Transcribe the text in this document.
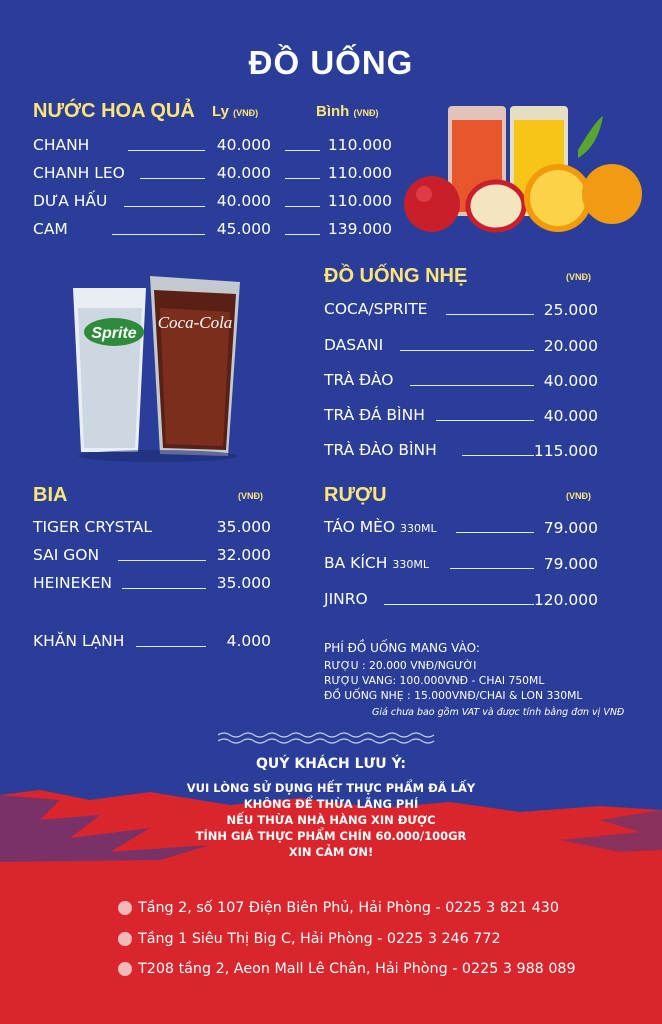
ĐỒ UỐNG
NƯỚC HOA QUẢ Ly (VNĐ)	Bình (VNĐ)
CHANH	40.000	110.000
CHANH LEO	40.000	110.000
DƯA HẤU	40.000	110.000
CAM	45.000	139.000
Sprite
Coca-Cola
ĐỒ UỐNG NHẸ	(VNĐ)
COCA/SPRITE	25.000
DASANI	20.000
TRÀ ĐÀO	40.000
TRÀ ĐÁ BÌNH	40.000
TRÀ ĐÀO BÌNH	115.000
BIA	(VNĐ)
TIGER CRYSTAL	35.000
SAI GON	32.000
HEINEKEN	35.000
KHĂN LẠNH	4.000
RƯỢU	(VNĐ)
TÁO MÈO 330ML	79.000
BA KÍCH 330ML	79.000
JINRO	120.000
PHÍ ĐỒ UỐNG MANG VÀO:
RƯỢU : 20.000 VNĐ/NGƯỜI
RƯỢU VANG: 100.000VNĐ - CHAI 750ML
ĐỒ UỐNG NHẸ : 15.000VNĐ/CHAI & LON 330ML
Giá chưa bao gồm VAT và được tính bằng đơn vị VNĐ
QUÝ KHÁCH LƯU Ý:
VUI LÒNG SỬ DỤNG HẾT THỰC PHẨM ĐÃ LẤY
KHÔNG ĐỂ THỪA LÃNG PHÍ
NẾU THỪA NHÀ HÀNG XIN ĐƯỢC
TÍNH GIÁ THỰC PHẨM CHÍN 60.000/100GR
XIN CẢM ƠN!
Tầng 2, số 107 Điện Biên Phủ, Hải Phòng - 0225 3 821 430
Tầng 1 Siêu Thị Big C, Hải Phòng - 0225 3 246 772
T208 tầng 2, Aeon Mall Lê Chân, Hải Phòng - 0225 3 988 089
